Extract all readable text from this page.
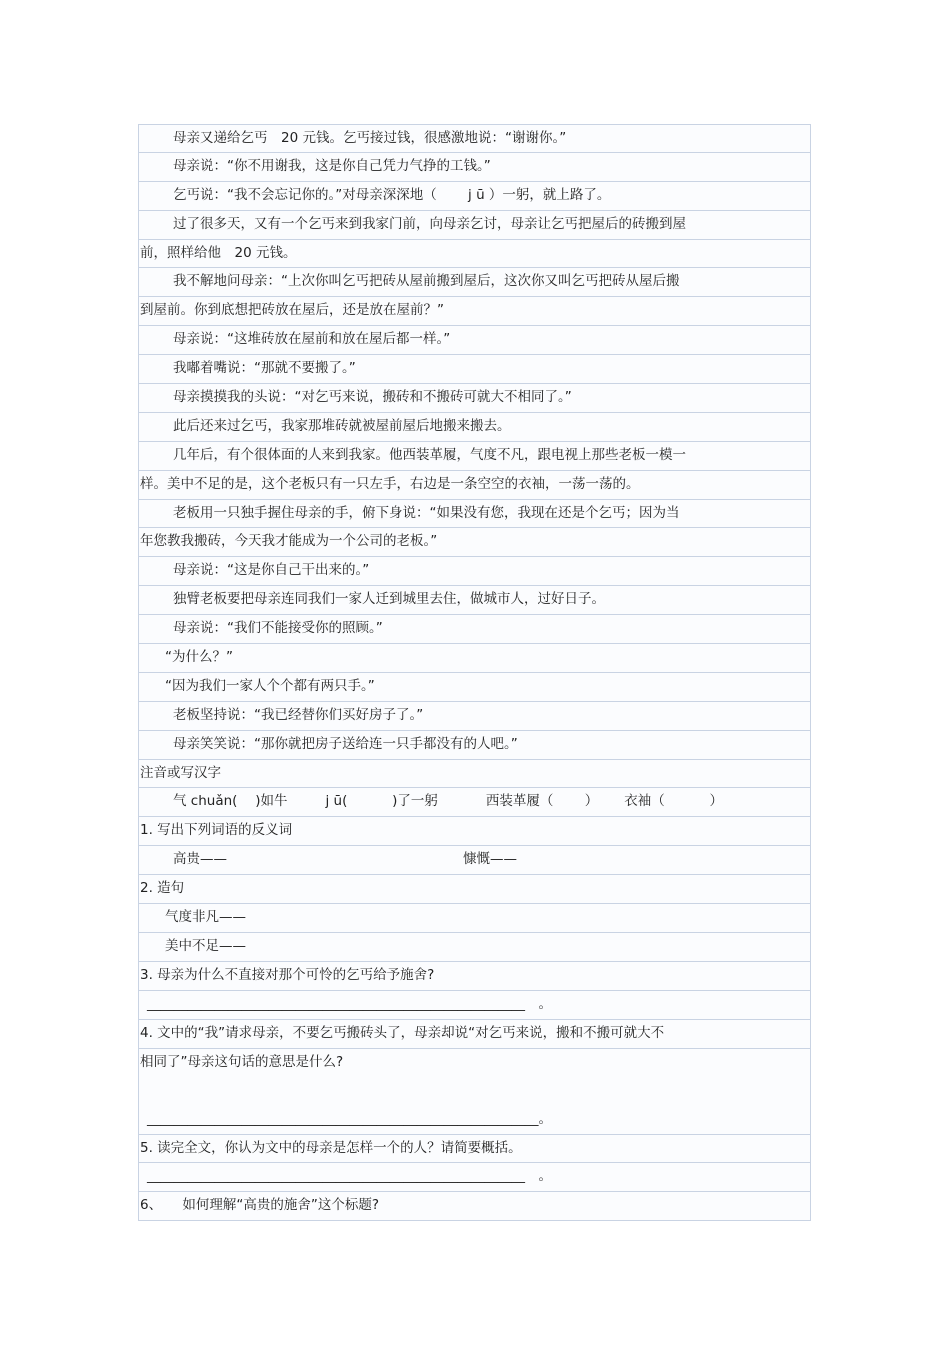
母亲又递给乞丐　20 元钱。乞丐接过钱，很感激地说：“谢谢你。”
母亲说：“你不用谢我，这是你自己凭力气挣的工钱。”
乞丐说：“我不会忘记你的。”对母亲深深地（　　 j ū ）一躬，就上路了。
过了很多天，又有一个乞丐来到我家门前，向母亲乞讨，母亲让乞丐把屋后的砖搬到屋
前，照样给他　20 元钱。
我不解地问母亲：“上次你叫乞丐把砖从屋前搬到屋后，这次你又叫乞丐把砖从屋后搬
到屋前。你到底想把砖放在屋后，还是放在屋前？”
母亲说：“这堆砖放在屋前和放在屋后都一样。”
我嘟着嘴说：“那就不要搬了。”
母亲摸摸我的头说：“对乞丐来说，搬砖和不搬砖可就大不相同了。”
此后还来过乞丐，我家那堆砖就被屋前屋后地搬来搬去。
几年后，有个很体面的人来到我家。他西装革履，气度不凡，跟电视上那些老板一模一
样。美中不足的是，这个老板只有一只左手，右边是一条空空的衣袖，一荡一荡的。
老板用一只独手握住母亲的手，俯下身说：“如果没有您，我现在还是个乞丐；因为当
年您教我搬砖，今天我才能成为一个公司的老板。”
母亲说：“这是你自己干出来的。”
独臂老板要把母亲连同我们一家人迁到城里去住，做城市人，过好日子。
母亲说：“我们不能接受你的照顾。”
“为什么？”
“因为我们一家人个个都有两只手。”
老板坚持说：“我已经替你们买好房子了。”
母亲笑笑说：“那你就把房子送给连一只手都没有的人吧。”
注音或写汉字
气 chuǎn(　 )如牛	j ū(　　　 )了一躬	西装革履（　　 ） 衣袖（　　　 ）
1. 写出下列词语的反义词
高贵——	慷慨——
2. 造句
气度非凡——
美中不足——
3. 母亲为什么不直接对那个可怜的乞丐给予施舍?
________________________________________________________　。
4. 文中的“我”请求母亲，不要乞丐搬砖头了，母亲却说“对乞丐来说，搬和不搬可就大不
相同了”母亲这句话的意思是什么?
__________________________________________________________。
5. 读完全文，你认为文中的母亲是怎样一个的人？请简要概括。
________________________________________________________　。
6、　　如何理解“高贵的施舍”这个标题?
